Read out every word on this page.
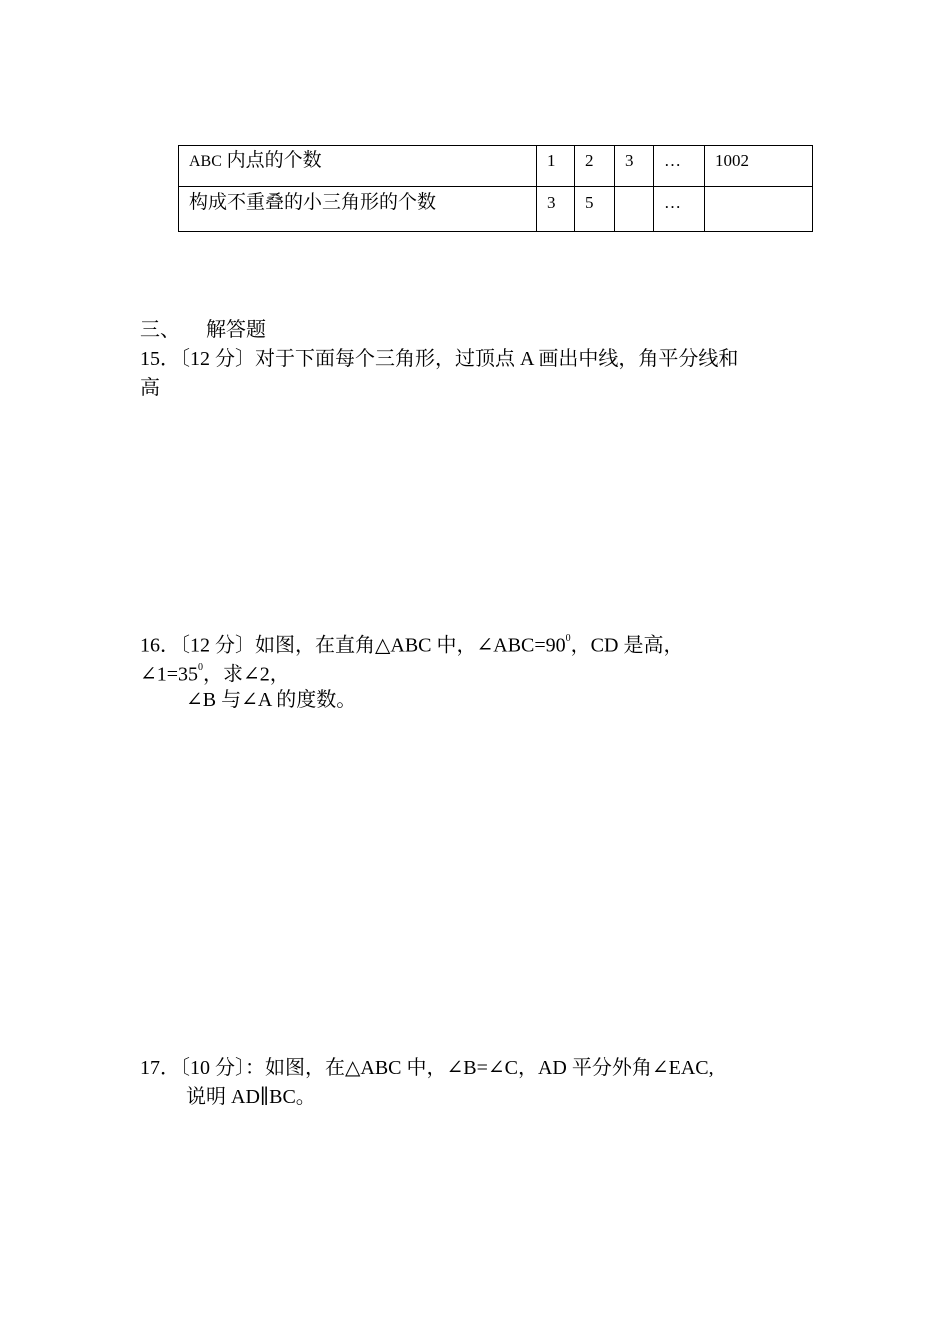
ABC 内点的个数	1	2	3	…	1002
构成不重叠的小三角形的个数	3	5		…	
三、 解答题
15．〔12 分〕对于下面每个三角形，过顶点 A 画出中线，角平分线和
高
16．〔12 分〕如图，在直角△ABC 中，$\angle ABC=90^0$，CD 是高，
$\angle 1=35^0$，求∠2，
∠B 与∠A 的度数。
17．〔10 分〕：如图，在△ABC 中，∠B=∠C，AD 平分外角∠EAC,
说明 AD∥BC。
